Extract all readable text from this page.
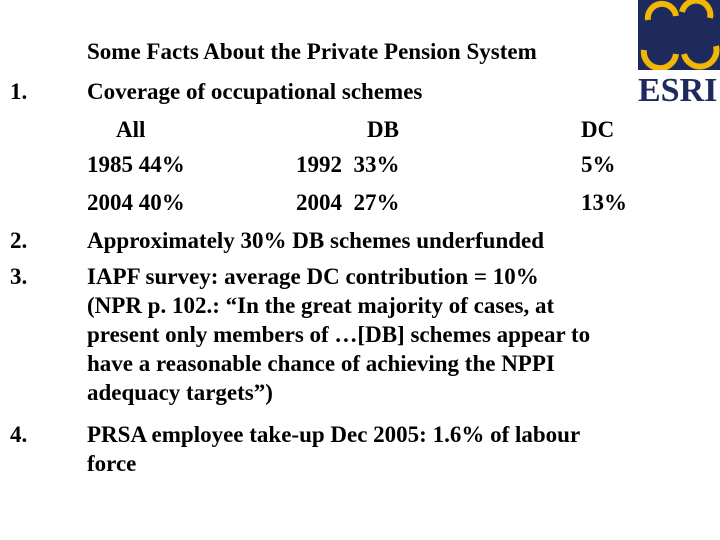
ESRI
Some Facts About the Private Pension System
1.	Coverage of occupational schemes
All	DB	DC
1985 44%	1992  33%	5%
2004 40%	2004  27%	13%
2.	Approximately 30% DB schemes underfunded
3.	IAPF survey: average DC contribution = 10%
(NPR p. 102.: “In the great majority of cases, at
present only members of …[DB] schemes appear to
have a reasonable chance of achieving the NPPI
adequacy targets”)
4.	PRSA employee take-up Dec 2005: 1.6% of labour
force
